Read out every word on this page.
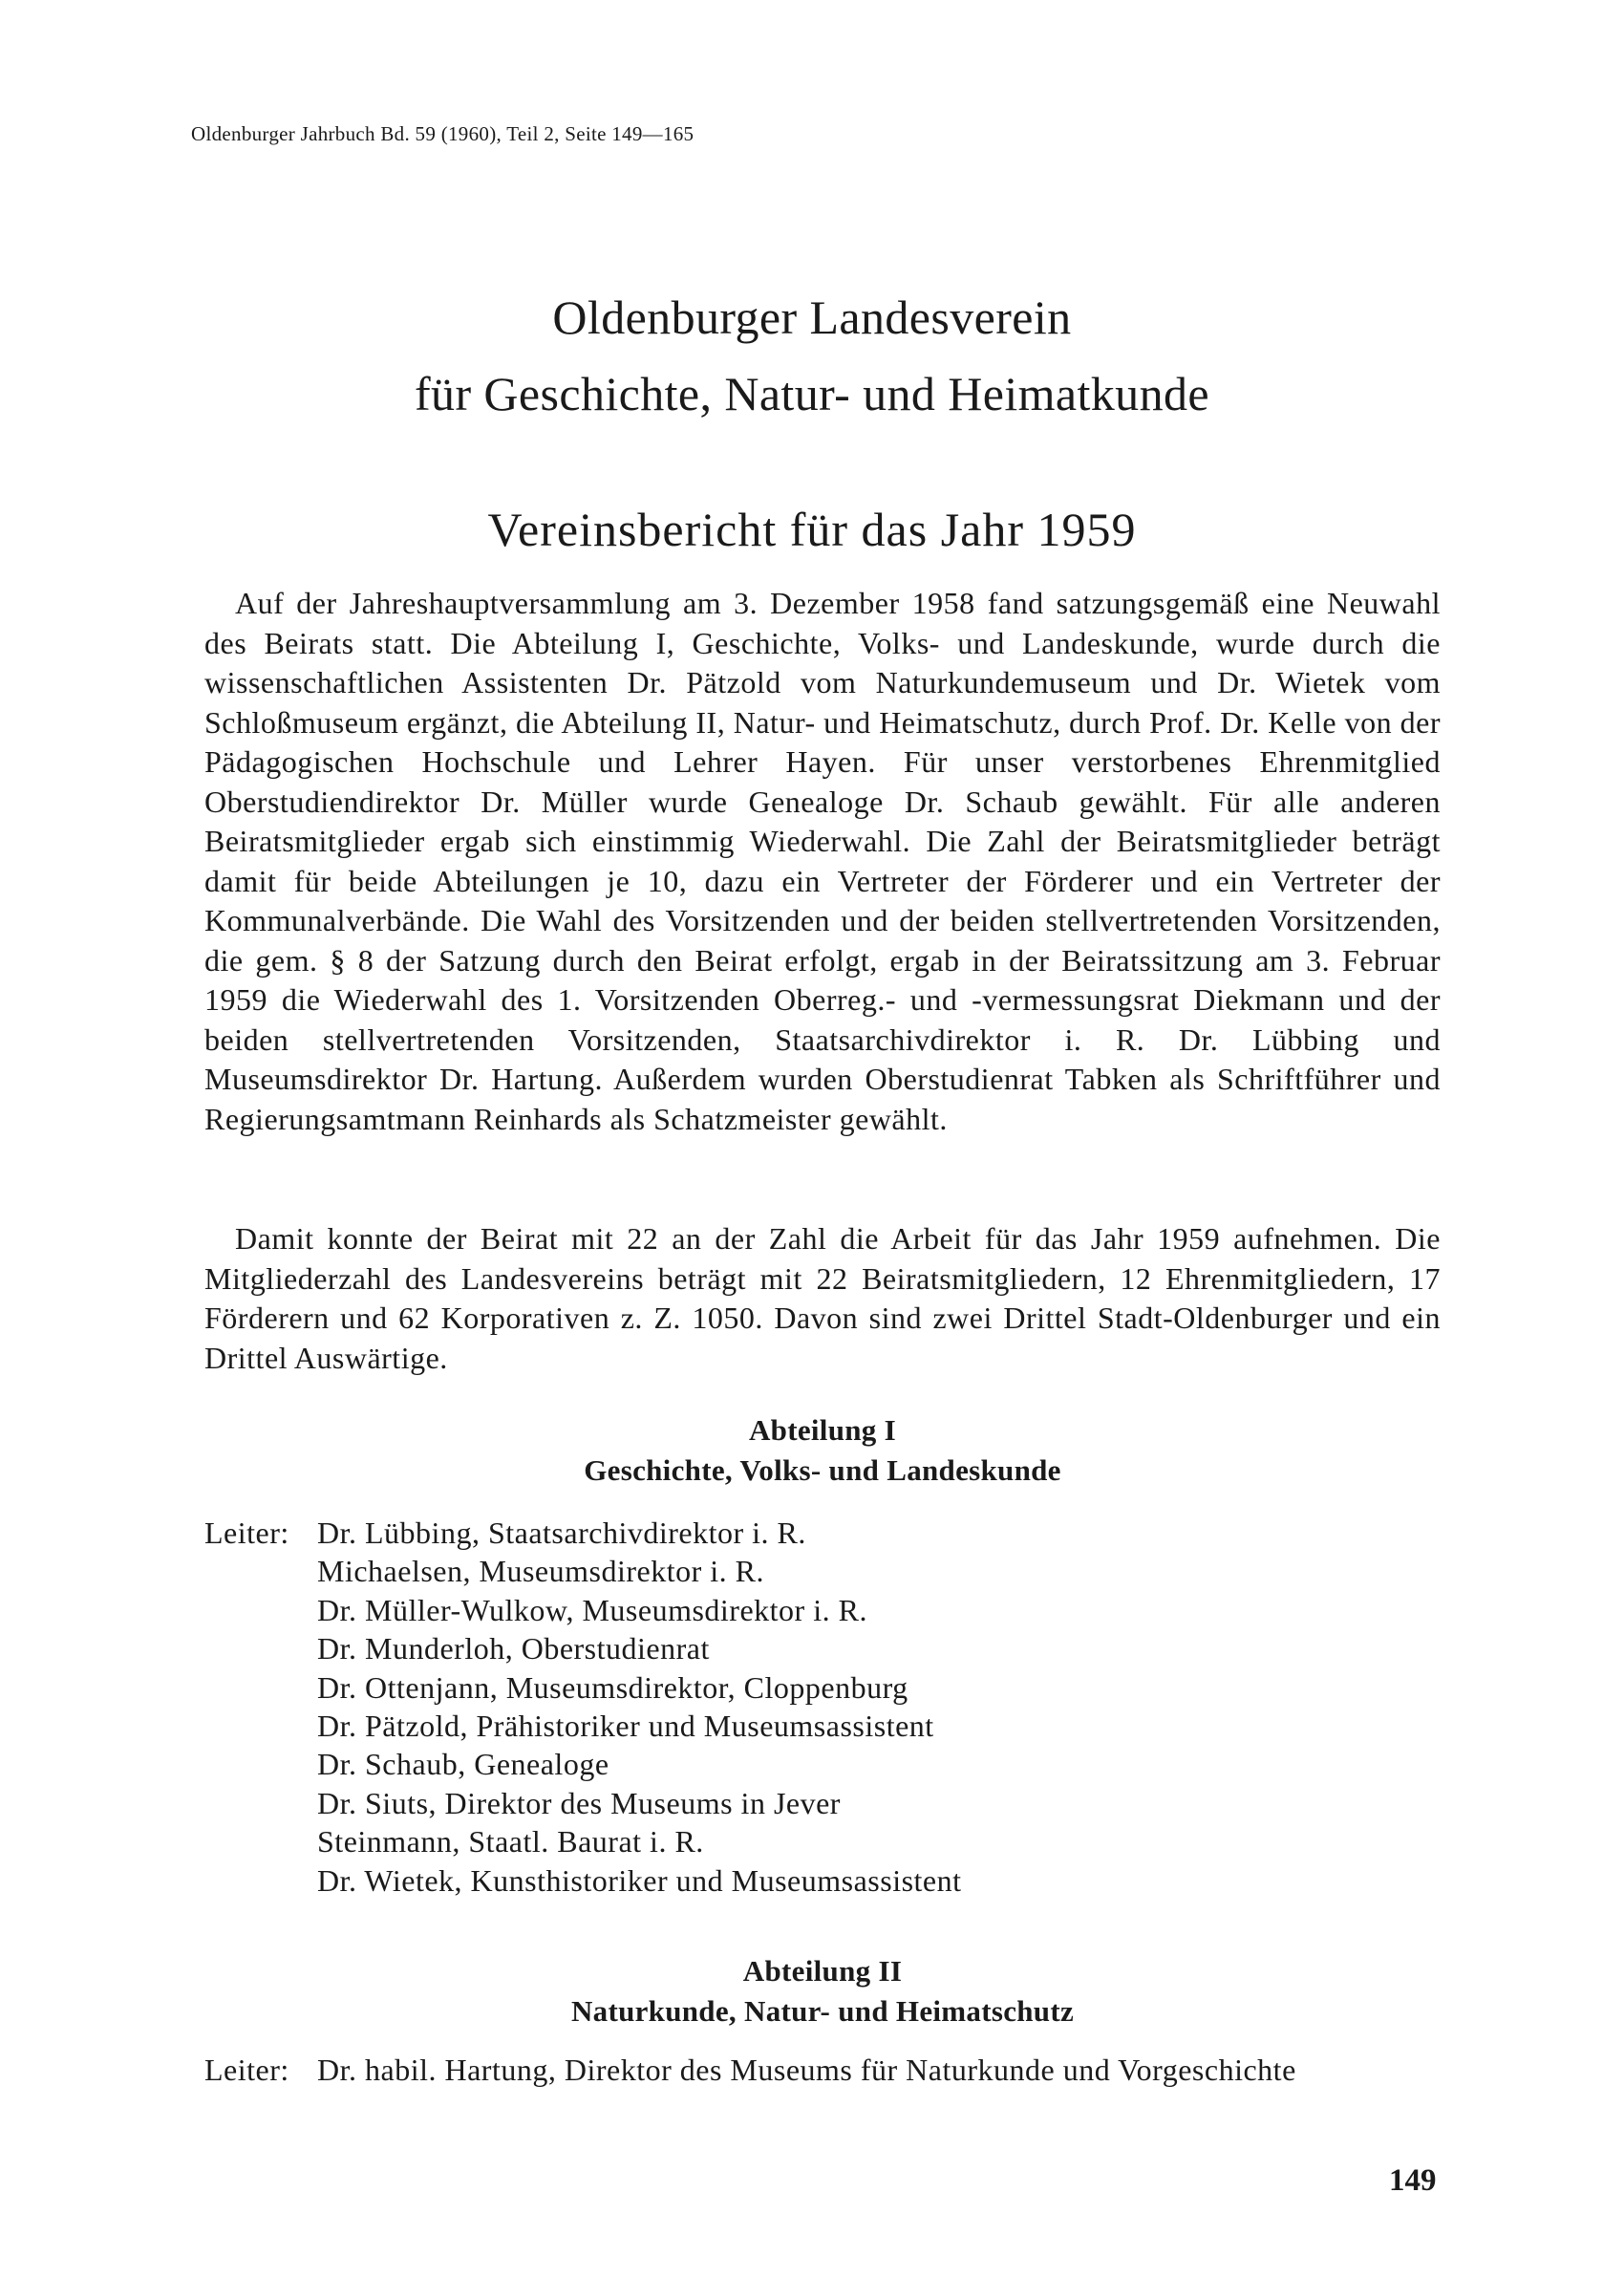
Oldenburger Jahrbuch Bd. 59 (1960), Teil 2, Seite 149—165
Oldenburger Landesverein
für Geschichte, Natur- und Heimatkunde
Vereinsbericht für das Jahr 1959

Auf der Jahreshauptversammlung am 3. Dezember 1958 fand satzungsgemäß eine Neuwahl des Beirats statt. Die Abteilung I, Geschichte, Volks- und Landeskunde, wurde durch die wissenschaftlichen Assistenten Dr. Pätzold vom Naturkundemuseum und Dr. Wietek vom Schloßmuseum ergänzt, die Abteilung II, Natur- und Heimatschutz, durch Prof. Dr. Kelle von der Pädagogischen Hochschule und Lehrer Hayen. Für unser verstorbenes Ehrenmitglied Oberstudiendirektor Dr. Müller wurde Genealoge Dr. Schaub gewählt. Für alle anderen Beiratsmitglieder ergab sich einstimmig Wiederwahl. Die Zahl der Beiratsmitglieder beträgt damit für beide Abteilungen je 10, dazu ein Vertreter der Förderer und ein Vertreter der Kommunalverbände. Die Wahl des Vorsitzenden und der beiden stellvertretenden Vorsitzenden, die gem. § 8 der Satzung durch den Beirat erfolgt, ergab in der Beiratssitzung am 3. Februar 1959 die Wiederwahl des 1. Vorsitzenden Oberreg.- und -vermessungsrat Diekmann und der beiden stellvertretenden Vorsitzenden, Staatsarchivdirektor i. R. Dr. Lübbing und Museumsdirektor Dr. Hartung. Außerdem wurden Oberstudienrat Tabken als Schriftführer und Regierungsamtmann Reinhards als Schatzmeister gewählt.

Damit konnte der Beirat mit 22 an der Zahl die Arbeit für das Jahr 1959 aufnehmen. Die Mitgliederzahl des Landesvereins beträgt mit 22 Beiratsmitgliedern, 12 Ehrenmitgliedern, 17 Förderern und 62 Korporativen z. Z. 1050. Davon sind zwei Drittel Stadt-Oldenburger und ein Drittel Auswärtige.

Abteilung I
Geschichte, Volks- und Landeskunde
Leiter: Dr. Lübbing, Staatsarchivdirektor i. R.
Michaelsen, Museumsdirektor i. R.
Dr. Müller-Wulkow, Museumsdirektor i. R.
Dr. Munderloh, Oberstudienrat
Dr. Ottenjann, Museumsdirektor, Cloppenburg
Dr. Pätzold, Prähistoriker und Museumsassistent
Dr. Schaub, Genealoge
Dr. Siuts, Direktor des Museums in Jever
Steinmann, Staatl. Baurat i. R.
Dr. Wietek, Kunsthistoriker und Museumsassistent
Abteilung II
Naturkunde, Natur- und Heimatschutz
Leiter: Dr. habil. Hartung, Direktor des Museums für Naturkunde und Vorgeschichte
149
